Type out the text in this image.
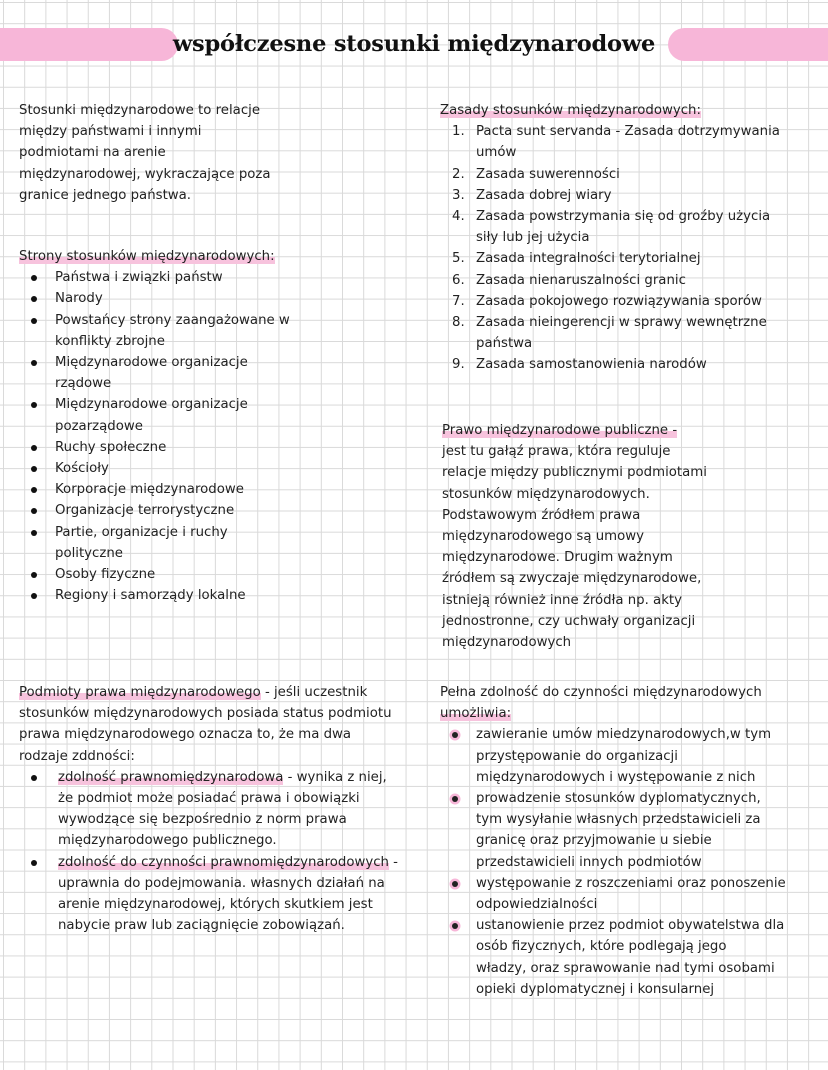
współczesne stosunki międzynarodowe

Stosunki międzynarodowe to relacje

między państwami i innymi

podmiotami na arenie

międzynarodowej, wykraczające poza

granice jednego państwa.

Zasady stosunków międzynarodowych:

1. Pacta sunt servanda - Zasada dotrzymywania

umów

2. Zasada suwerenności

3. Zasada dobrej wiary

4. Zasada powstrzymania się od groźby użycia

siły lub jej użycia

5. Zasada integralności terytorialnej

6. Zasada nienaruszalności granic

7. Zasada pokojowego rozwiązywania sporów

8. Zasada nieingerencji w sprawy wewnętrzne

państwa

9. Zasada samostanowienia narodów

Strony stosunków międzynarodowych:

Państwa i związki państw

Narody

Powstańcy strony zaangażowane w

konflikty zbrojne

Międzynarodowe organizacje

rządowe

Międzynarodowe organizacje

pozarządowe

Ruchy społeczne

Kościoły

Korporacje międzynarodowe

Organizacje terrorystyczne

Partie, organizacje i ruchy

polityczne

Osoby fizyczne

Regiony i samorządy lokalne

Prawo międzynarodowe publiczne -

jest tu gałąź prawa, która reguluje

relacje między publicznymi podmiotami

stosunków międzynarodowych.

Podstawowym źródłem prawa

międzynarodowego są umowy

międzynarodowe. Drugim ważnym

źródłem są zwyczaje międzynarodowe,

istnieją również inne źródła np. akty

jednostronne, czy uchwały organizacji

międzynarodowych

Podmioty prawa międzynarodowego - jeśli uczestnik

stosunków międzynarodowych posiada status podmiotu

prawa międzynarodowego oznacza to, że ma dwa

rodzaje zddności:

zdolność prawnomiędzynarodowa - wynika z niej,

że podmiot może posiadać prawa i obowiązki

wywodzące się bezpośrednio z norm prawa

międzynarodowego publicznego.

zdolność do czynności prawnomiędzynarodowych -

uprawnia do podejmowania. własnych działań na

arenie międzynarodowej, których skutkiem jest

nabycie praw lub zaciągnięcie zobowiązań.

Pełna zdolność do czynności międzynarodowych

umożliwia:

zawieranie umów miedzynarodowych,w tym

przystępowanie do organizacji

międzynarodowych i występowanie z nich

prowadzenie stosunków dyplomatycznych,

tym wysyłanie własnych przedstawicieli za

granicę oraz przyjmowanie u siebie

przedstawicieli innych podmiotów

występowanie z roszczeniami oraz ponoszenie

odpowiedzialności

ustanowienie przez podmiot obywatelstwa dla

osób fizycznych, które podlegają jego

władzy, oraz sprawowanie nad tymi osobami

opieki dyplomatycznej i konsularnej
